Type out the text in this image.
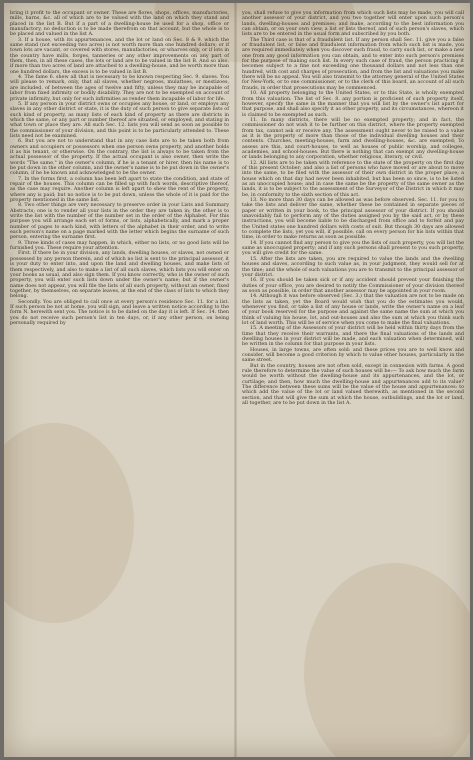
bring it profit to the occupant or owner. These are flores, shops, offices, manufactories, mills, barns, &c. all of which are to be valued with the land on which they stand and placed in the list B. But if a part of a dwelling-house be used for a shop, office or manufactory, no deduction is to be made therefrom on that account, but the whole is to be placed and valued in the list A.

3. If a house, with its appurtenances, and the lot or land on Sec. 8 & 9. which the same stand (not exceeding two acres) is not worth more than one hundred dollars; or if town lots are vacant, or covered with stores, manufactories, or wharves only, or if lots in the country have mills, forges, tanneries or any other improvements on any part of them, then, in all these cases, the lots or land are to be valued in the list B. And so also, if more than two acres of land are attached to a dwelling-house, and be worth more than one hundred dollars, the excess is to be valued in list B.

4. The fame 6. shew all that is necessary to be known respecting Sec. 9. slaves. You will please to remark, only, that all slaves, whether negroes, mulattoes, or mestizoes, are included, of between the ages of twelve and fifty, unless they may be incapable of labor from fixed infirmity or bodily disability. They are not to be exempted on account of private infirmity, but only for such infirmities as render them incapable of labor for life.

5. If any person in your district owns or occupies any house, or land, or employs any slaves in any other district or state, it is the duty of such person to give separate lists of such kind of property, as many lists of each kind of property as there are districts in which the same, or any part or number thereof are situated, or employed, and stating in what town or place they are. All such Sec. 12. lists you will send as soon as possible to the commissioner of your division, and this point is to be particularly attended to. These lists need not be examined.

6. But you are not to understand that in any case lists are to be taken both from owners and occupiers or possessors when one person owns property, and another holds it as his tenant, or otherwise. On the contrary, the list is always to be taken from the actual possessor of the property. If the actual occupant is also owner, then write the words "The same," in the owner's column, if he is a tenant or hirer, then his name is to be put down in the other column, and the owner's name is to be put down in the owner's column, if he be known and acknowledged to be the owner.

7. In the forms first, a column has been left apart to state the condition, and state of repair of the houses. This column can be filled up with fuch words, descriptive thereof, as the case may require. Another column is left apart to shew the rent of the property, where any is paid; but no notice is to be put down, unless the whole of it is paid for the property mentioned in the same list.

8. Two other things are very necessary to preserve order in your Lists and Summary Abstracts; one is to render all your lists in the order they are taken in; the other is to write the list with the number of the number set in the order of the Alphabet. For this purpose you will arrange each set of forms, or lists, alphabetically, and mark a proper number of pages to each kind, with letters of the alphabet in their order, and to write each person's name on a page marked with the letter which begins the surname of such person, entering the surname first.

9. Three kinds of cases may happen, in which, either no lists, or no good lists will be furnished you. These require your attention.

First. If there be in your division, any lands, dwelling houses, or slaves, not owned or possessed by any person therein, and of which no list is sent to the principal assessor, it is your duty to enter into, and upon the land and dwelling houses, and make lists of them respectively, and also to make a list of all such slaves, which lists you will enter on your books as usual, and also sign them. If you know correctly, who is the owner of such property, you will enter such lists down under the owner's name; but if the owner's name does not appear, you will file the lists of all such property, without an owner, fixed together, by themselves, on separate leaves, at the end of the class of lists to which they belong.

Secondly. You are obliged to call once at every person's residence Sec. 11. for a list. If such person be not at home, you will sign, and leave a written notice according to the form N. herewith sent you. The notice is to be dated on the day it is left. If Sec. 14. then you do not receive such person's list in ten days, or, if any other person, on being personally required by

you, shall refuse to give you information from which such lists may be made, you will call another assessor of your district, and you two together will enter upon such person's lands, dwelling-houses and premises; and make, according to the best information you can obtain, or on your own view, a list or lists thereof, and of such person's slaves, which lists are to be entered in the usual form and subscribed by you both.

The Third case is that of a fraudulent list. If any person shall Sec. 11. give you a false or fraudulent list, or false and fraudulent information from which such list is made, you are required immediately when you discover such fraud, to carry such list, or make a new one from any good information you can obtain, and to enter into such person's premises for the purpose of making such list. In every such case of fraud, the person practicing it becomes subject to a fine not exceeding one thousand dollars and not less than one hundred, with cost and charges of prosecution, and from the list and valuations you make there will be no appeal. You will also transmit to the attorney general of the United States for New-York, or to one commissioner, or to the clerk of this board, an account of all such frauds, in order that prosecutions may be commenced.

10. All property belonging to the United States, or to this State, is wholly exempted from this valuation. The list of Sec. 8. any portion is proficient of such property itself, however, specify the same in the manner that you will list by the owner's list apart for that purpose, and shall also specify it as other property, and its circumstances, whereon it is claimed to be exempted as such.

11. In many districts, there will be no exempted property; and in fact, the commissioner do not wish it to be further on this district, where the property exempted from tax, cannot ask or receive any. The assessment ought never to be raised to a value as it is the property of more than those of the individual dwelling houses and their contents. Churches, meeting-houses, farm and dwelling-houses, &c. are exempted; To assess are this, and court-houses, to well as houses of public worship, and colleges, academies, and school-houses. But there is nothing that can exempt any dwelling-house or lands belonging to any corporation, whether religious, literary, or civil.

12. All lists are to be taken with reference to the state of the property on the first day of this present October; and also a list of persons who have moved or are about to move into the same, to be filed with the assessor of their own district in the proper place; a house which on that day had never been inhabited, but has been so since, is to be listed as an unoccupied house; and in case the same be the property of the same owner as the lands, it is to be subject to the assessment of the Surveyor of the District in which it may be, in conformity to the sixth section of this act.

13. No more than 30 days can be allowed as was before observed. Sec. 11. for you to take the lists and deliver the same, whether these be contained in separate pieces of paper or written in your book, to the principal assessor of your district. If you should unavoidably fail to perform any of the duties assigned you by the said act, or by these instructions, you will become liable to be discharged from office and to forfeit and pay the United states one hundred dollars with costs of suit. But though 30 days are allowed to complete the lists, yet you will, if possible, call on every person for his lists within that time, in order to make returns as soon as possible.

14. If you cannot find any person to give you the lists of such property, you will list the same as unoccupied property; and if any such persons shall present to you such property, you will give credit for the same.

15. After the lists are taken, you are required to value the lands and the dwelling houses and slaves, according to such value as, in your judgment, they would sell for at the time; and the whole of such valuations you are to transmit to the principal assessor of your district.

16. If you should be taken sick or if any accident should prevent your finishing the duties of your office, you are desired to notify the Commissioner of your division thereof as soon as possible, in order that another assessor may be appointed in your room.

14. Although it was before observed (Sec. 3.) that the valuation are not to be made on the lists as taken, yet the Board would wish that you do the estimates you would, whenever you find, or take a list of any house or lands, write the owner's name on a leaf of your book reserved for the purpose and against the same name the sum at which you think of valuing his house, lot, and out-houses and also the sum at which you think such lot of land worth. This will be of service when you come to make the final valuations.

15. A meeting of the Assessors of your district will be held within thirty days from the time that they receive their warrants, and there the final valuations of the lands and dwelling houses in your district will be made, and each valuation when determined, will be written in the column for that purpose in your lists.

Houses, in large towns, are often sold: and these prices you are to well know and consider, will become a good criterion by which to value other houses, particularly in the same street.

But in the country, houses are not often sold, except in connexion with farms. A good rule therefore to determine the value of such houses will be:— To ask how much the farm would be worth without the dwelling-house and its appurtenances, and the lot, or curtilage; and then, how much the dwelling-house and appurtenances add to its value? The difference between these sums will be the value of the house and appurtenances: to which add the value of the lot or land valued therewith, as mentioned in the second section, and that will give the sum at which the house, outbuildings, and the lot or land, all together, are to be put down in the list A.
